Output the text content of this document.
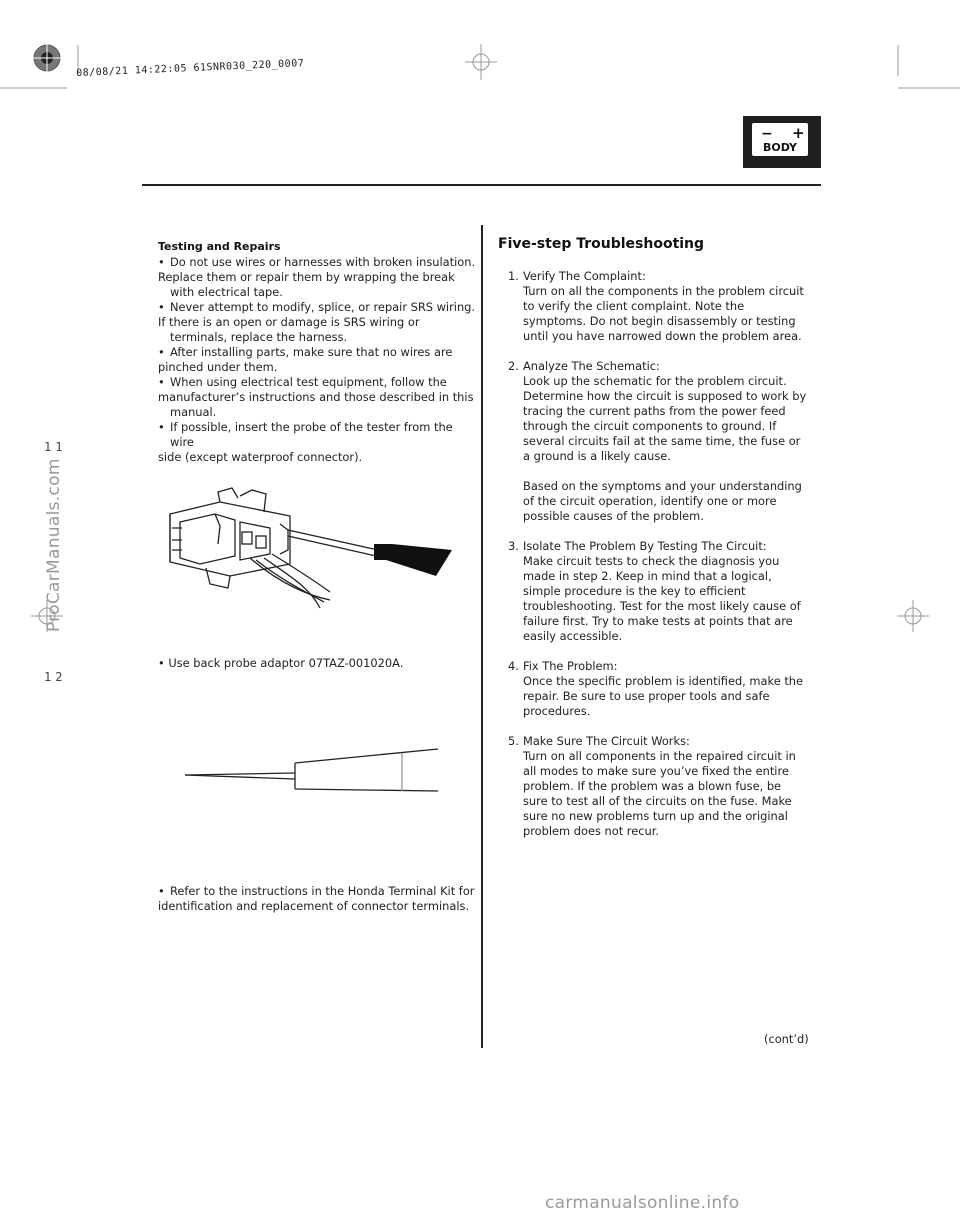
08/08/21 14:22:05 61SNR030_220_0007
− +
BODY
Testing and Repairs
• Do not use wires or harnesses with broken insulation.
Replace them or repair them by wrapping the break with electrical tape.
• Never attempt to modify, splice, or repair SRS wiring.
If there is an open or damage is SRS wiring or terminals, replace the harness.
• After installing parts, make sure that no wires are
pinched under them.
• When using electrical test equipment, follow the
manufacturer’s instructions and those described in this manual.
• If possible, insert the probe of the tester from the wire
side (except waterproof connector).
• Use back probe adaptor 07TAZ-001020A.
• Refer to the instructions in the Honda Terminal Kit for
identification and replacement of connector terminals.
Five-step Troubleshooting
1. Verify The Complaint:
Turn on all the components in the problem circuit to verify the client complaint. Note the symptoms. Do not begin disassembly or testing until you have narrowed down the problem area.
2. Analyze The Schematic:
Look up the schematic for the problem circuit. Determine how the circuit is supposed to work by tracing the current paths from the power feed through the circuit components to ground. If several circuits fail at the same time, the fuse or a ground is a likely cause.
Based on the symptoms and your understanding of the circuit operation, identify one or more possible causes of the problem.
3. Isolate The Problem By Testing The Circuit:
Make circuit tests to check the diagnosis you made in step 2. Keep in mind that a logical, simple procedure is the key to efficient troubleshooting. Test for the most likely cause of failure first. Try to make tests at points that are easily accessible.
4. Fix The Problem:
Once the specific problem is identified, make the repair. Be sure to use proper tools and safe procedures.
5. Make Sure The Circuit Works:
Turn on all components in the repaired circuit in all modes to make sure you’ve fixed the entire problem. If the problem was a blown fuse, be sure to test all of the circuits on the fuse. Make sure no new problems turn up and the original problem does not recur.
(cont’d)
ProCarManuals.com
11
12
carmanualsonline.info
